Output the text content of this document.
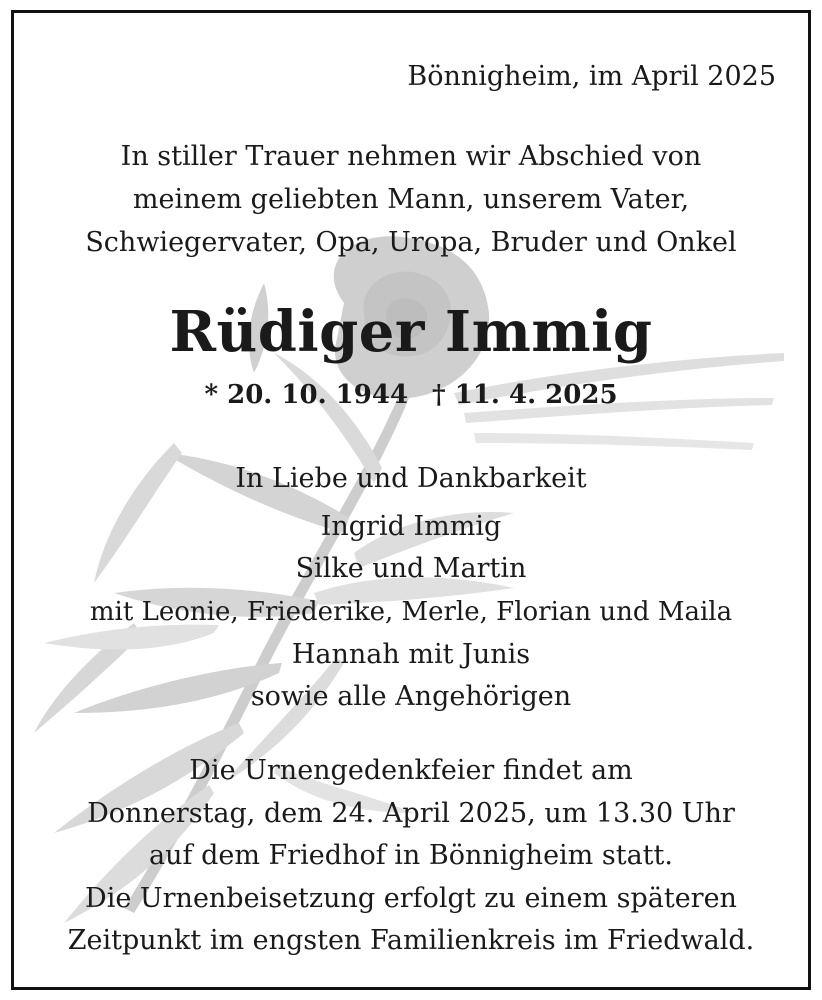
Bönnigheim, im April 2025
In stiller Trauer nehmen wir Abschied von
meinem geliebten Mann, unserem Vater,
Schwiegervater, Opa, Uropa, Bruder und Onkel
Rüdiger Immig
* 20. 10. 1944 † 11. 4. 2025
In Liebe und Dankbarkeit
Ingrid Immig
Silke und Martin
mit Leonie, Friederike, Merle, Florian und Maila
Hannah mit Junis
sowie alle Angehörigen
Die Urnengedenkfeier findet am
Donnerstag, dem 24. April 2025, um 13.30 Uhr
auf dem Friedhof in Bönnigheim statt.
Die Urnenbeisetzung erfolgt zu einem späteren
Zeitpunkt im engsten Familienkreis im Friedwald.
